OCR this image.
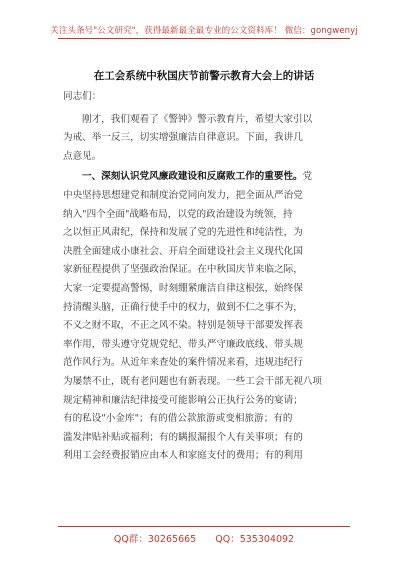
关注头条号"公文研究"，获得最新最全最专业的公文资料库！ 微信：gongwenyj
在工会系统中秋国庆节前警示教育大会上的讲话

同志们：

刚才，我们观看了《警钟》警示教育片，希望大家引以
为戒、举一反三，切实增强廉洁自律意识。下面，我讲几
点意见。
一、深刻认识党风廉政建设和反腐败工作的重要性。党
中央坚持思想建党和制度治党同向发力，把全面从严治党
纳入"四个全面"战略布局，以党的政治建设为统领，持
之以恒正风肃纪，保持和发展了党的先进性和纯洁性，为
决胜全面建成小康社会、开启全面建设社会主义现代化国
家新征程提供了坚强政治保证。在中秋国庆节来临之际，
大家一定要提高警惕，时刻绷紧廉洁自律这根弦，始终保
持清醒头脑，正确行使手中的权力，做到不仁之事不为，
不义之财不取，不正之风不染。特别是领导干部要发挥表
率作用，带头遵守党规党纪、带头严守廉政底线、带头规
范作风行为。从近年来查处的案件情况来看，违规违纪行
为屡禁不止，既有老问题也有新表现。一些工会干部无视八项
规定精神和廉洁纪律接受可能影响公正执行公务的宴请；
有的私设"小金库"；有的借公款旅游或变相旅游；有的
滥发津贴补贴或福利；有的瞒报漏报个人有关事项；有的
利用工会经费报销应由本人和家庭支付的费用；有的利用
QQ群：30265665 QQ：535304092
